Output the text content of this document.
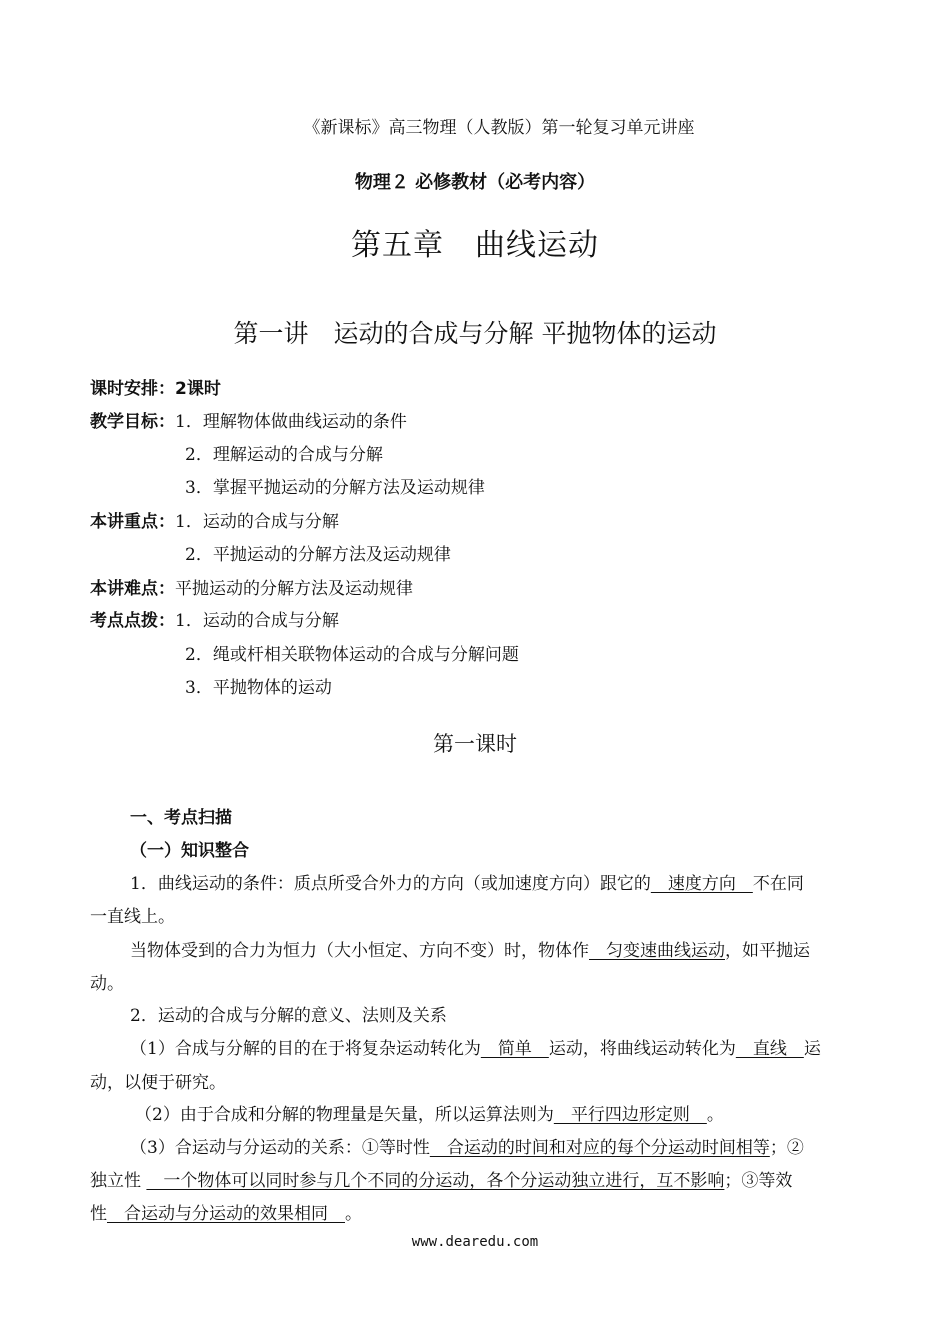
《新课标》高三物理（人教版）第一轮复习单元讲座
物理２ 必修教材（必考内容）
第五章　曲线运动
第一讲　运动的合成与分解 平抛物体的运动
课时安排：2课时
教学目标：1．理解物体做曲线运动的条件
2．理解运动的合成与分解
3．掌握平抛运动的分解方法及运动规律
本讲重点：1．运动的合成与分解
2．平抛运动的分解方法及运动规律
本讲难点：平抛运动的分解方法及运动规律
考点点拨：1．运动的合成与分解
2．绳或杆相关联物体运动的合成与分解问题
3．平抛物体的运动
第一课时
一、考点扫描
（一）知识整合
1．曲线运动的条件：质点所受合外力的方向（或加速度方向）跟它的　速度方向　不在同
一直线上。
当物体受到的合力为恒力（大小恒定、方向不变）时，物体作　匀变速曲线运动，如平抛运
动。
2．运动的合成与分解的意义、法则及关系
（1）合成与分解的目的在于将复杂运动转化为　简单　运动，将曲线运动转化为　直线　运
动，以便于研究。
（2）由于合成和分解的物理量是矢量，所以运算法则为　平行四边形定则　。
（3）合运动与分运动的关系：①等时性　合运动的时间和对应的每个分运动时间相等；②
独立性 　一个物体可以同时参与几个不同的分运动，各个分运动独立进行，互不影响；③等效
性　合运动与分运动的效果相同　。
www.dearedu.com
